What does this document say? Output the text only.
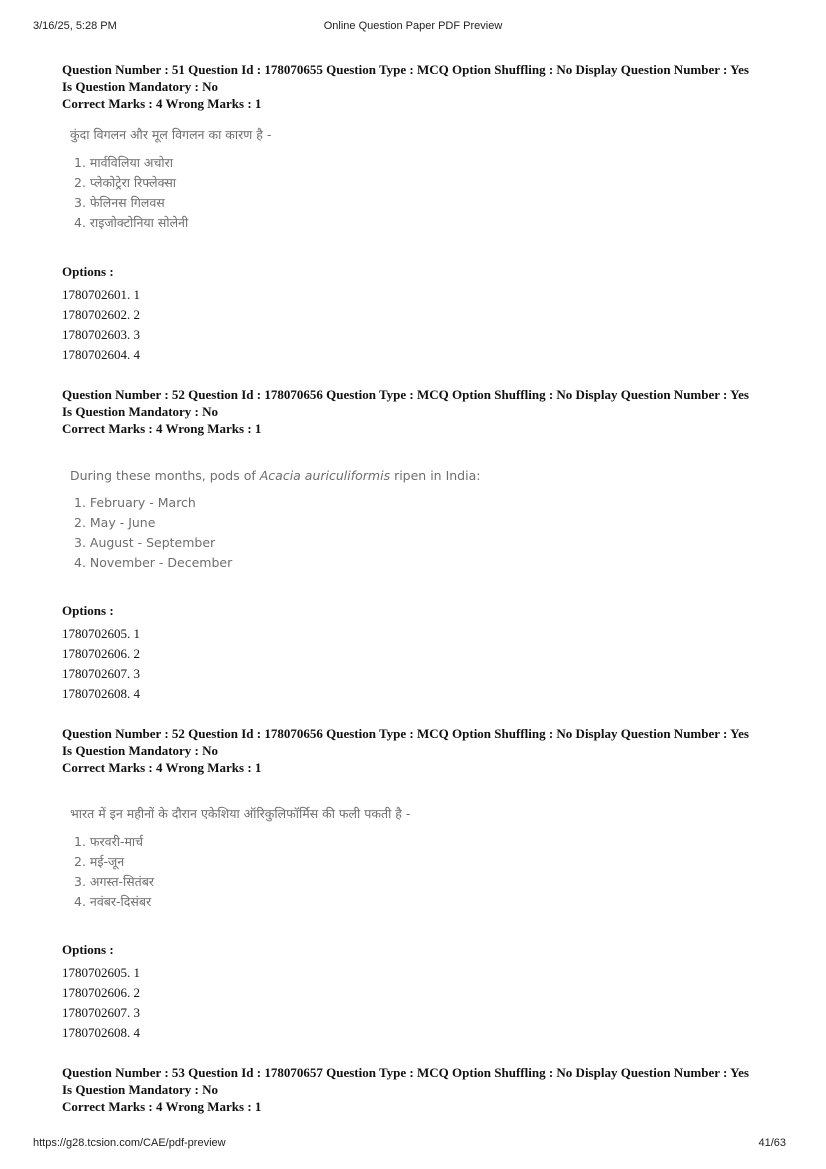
3/16/25, 5:28 PM	Online Question Paper PDF Preview

Question Number : 51 Question Id : 178070655 Question Type : MCQ Option Shuffling : No Display Question Number : Yes

Is Question Mandatory : No

Correct Marks : 4 Wrong Marks : 1

कुंदा विगलन और मूल विगलन का कारण है -

1. मार्वविलिया अचोरा

2. प्लेकोट्रेरा रिफ्लेक्सा

3. फेलिनस गिलवस

4. राइजोक्टोनिया सोलेनी

Options :

1780702601. 1

1780702602. 2

1780702603. 3

1780702604. 4

Question Number : 52 Question Id : 178070656 Question Type : MCQ Option Shuffling : No Display Question Number : Yes

Is Question Mandatory : No

Correct Marks : 4 Wrong Marks : 1

During these months, pods of Acacia auriculiformis ripen in India:

1. February - March

2. May - June

3. August - September

4. November - December

Options :

1780702605. 1

1780702606. 2

1780702607. 3

1780702608. 4

Question Number : 52 Question Id : 178070656 Question Type : MCQ Option Shuffling : No Display Question Number : Yes

Is Question Mandatory : No

Correct Marks : 4 Wrong Marks : 1

भारत में इन महीनों के दौरान एकेशिया ऑरिकुलिफॉर्मिस की फली पकती है -

1. फरवरी-मार्च

2. मई-जून

3. अगस्त-सितंबर

4. नवंबर-दिसंबर

Options :

1780702605. 1

1780702606. 2

1780702607. 3

1780702608. 4

Question Number : 53 Question Id : 178070657 Question Type : MCQ Option Shuffling : No Display Question Number : Yes

Is Question Mandatory : No

Correct Marks : 4 Wrong Marks : 1

https://g28.tcsion.com/CAE/pdf-preview	41/63
